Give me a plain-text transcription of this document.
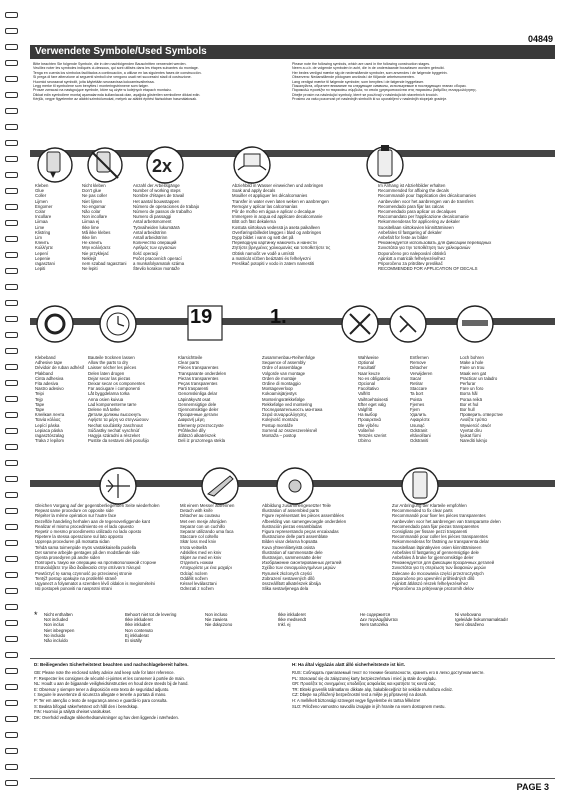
04849
Verwendete Symbole/Used Symbols

Bitte beachten Sie folgende Symbole, die in den nachfolgenden Bauschritten verwendet werden.

Veuillez noter les symboles indiqués ci-dessous, qui sont utilisés dans les étapes suivantes du montage.

Tenga en cuenta los símbolos facilitados a continuación, a utilizar en las siguientes fases de construcción.

Si prega di fare attenzione ai seguenti simboli che vengono usati nei successivi stadi di costruzione.

Huomioi seuraavat symbolit, joita käytetään seuraavissa kokoamisvaiheissa.

Legg merke til symbolene som benyttes i monteringstrinnene som følger.

Prosze zwracać na następujące symbole, które są użyte w kolejnych etapach montażu.

Dikkat edin symbollere montaj aşamalarında kullanılacak olan, aşağıda gösterilen sembollere dikkat edin.

Kérjük, vegye figyelembe az alábbi szimbólumokat, melyek az alábbi építési fázisokban használatosak.

Please note the following symbols, which are used in the following construction stages.

Neem a.u.b. de volgende symbolen in acht, die in de onderstaande bouwfasen worden gebruikt.

Her bedes venligst mærke sig de nedenstående symboler, som anvendes i de følgende byggetrin.

Observera: Nedanstående piktogram används i de följande arbetsmomenten.

Lang venligst mærke til følgende symboler, som benyttes i de følgende byggefaser.

Пожалуйста, обратите внимание на следующие символы, используемые в последующих этапах сборки.

Παρακαλώ προσέξτε τα παρακάτω σύμβολα, τα οποία χρησιμοποιούνται στις παρακάτω βαθμίδες συναρμολόγησης.

Dbejte prosím na následující symboly, které se používají v následujících stavebních krocích.

Prosimo za vašo pozornost pri naslednjih simbolih ki so uporabljeni v naslednjih stopnjah gradnje.

2x
Kleben
Glue
Coller
Lijmen
Engomer
Colar
Incollare
Liimaa
Lime
Klistring
Lim
Клеить
Κολλήστε
Lepení
Lepenie
ragasztani
Lepiti
Nicht kleben
Don't glue
Ne pas coller
Niet lijmen
No engomar
Não colar
Non incollare
Liimaa ej
Ikke lime
Må ikke klebes
Ikke lim
Не клеить
Μην κολλήσετε
Nie przyklejać
Neklejit
nem szabad ragasztani
Ne lepiti
Anzahl der Arbeitsgänge
Number of working steps
Nombre d'étapes de travail
Het aantal bouwstappen
Número de operaciones de trabajo
Número de passos de trabalho
Numero di passaggi
Antal arbetsmoment
Työvaiheiden lukumäärä
Antal arbeidstrinn
Antall arbeidstrinn
Количество операций
Αριθμός των εργασιών
Ilość operacji
Počet pracovních operací
a munkafolyamatok száma
Število korakov montaže
Abziehbild in Wasser einweichen und anbringen
Soak and apply decals
Mouiller et appliquer les décalcomanies
Transfer in water even laten weken en aanbrengen
Remojar y aplicar las calcomanías
Pôr de molho em água e aplicar o decalque
Immergere in acqua ed applicare decalcomanie
Blöt och fäst dekalerna
Kostuta siirtokuva vedessä ja aseta paikalleen
Overføringsbilledet lægges i blød og anbringes
Dypp bildet i vann og sett det på
Переводную картинку намочить и нанести
Ζητήστε βρεγμένες χαλκομανίες και τοποθετήστε τις
Obtisk namočit ve vodě a umístit
a matricát vízben beáztatni és felhelyezni
Preslikač potopiti v vodo in zatem namestiti
Im Anhang ist Abziehbilder erhalten
Recommended for affixing the decals
Recommandé pour l'application des décalcomanies
Aanbevolen voor het aanbrengen van de transfers
Recomendado para fijar las calcas
Recomendado para aplicar os decalques
Raccomandato per l'applicazione decalcomanie
Rekommenderas för applicering av dekaler
Suositellaan siirtokuvien kiinnittämiseen
Anbefales til fastgøring af dekaler
Anbefalt for feste av bilder
Рекомендуется использовать для фиксации переводных
Συνιστάται για την τοποθέτηση των χαλκομανιών
Doporučeno pro nalepování obtisků
Ajánlott a matricák felhelyezéséhez
Priporočeno za pritrditev preslikač
RECOMMENDED FOR APPLICATION OF DECALS
19	1.
Klebeband
Adhesive tape
Dévidoir de ruban adhésif
Plakband
Cinta adhesiva
Fita adesiva
Nastro adesivo
Teipi
Tejp
Tape
Tape
Клейкая лента
Ταινία κόλλας
Lepící páska
Lepiaca páska
ragasztószalag
Traka z lepilom
Bauteile trocknen lassen
Allow the parts to dry
Laisser sécher les pièces
Delen laten drogen
Dejar secar las piezas
Deixar secar os componentes
Far asciugare i componenti
Låt byggdelarna torka
Anna osien kuivua
Lad komponenterne tørre
Delene må tørke
Детали должны высохнуть
Αφήστε τα μέρη να στεγνώσουν
Nechat součástky zaschnout
Súčiastky nechať vyschnúť
Hagyja száradni a részeket
Pustite da sestavni deli posušijo
Klarsichtteile
Clear parts
Pièces transparentes
Transparante onderdelen
Piezas transparentes
Peças transparentes
Parti trasparenti
Genomskinliga delar
Läpinäkyvät osat
Gennemsigtige dele
Gjennomsiktige deler
Прозрачные детали
Διαφανή μέρη
Elementy przezroczyste
Průhledné díly
átlátszó alkatrészek
Deli iz prozornega stekla
Zusammenbau-Reihenfolge
Sequence of assembly
Ordre of assemblage
Volgorde van montage
Orden de montaje
Ordine di montaggio
Montageverloop
Kokoamisjärjestys
Monteringsrækkefølge
Rekkefølge ved montering
Последовательность монтажа
Σειρά συναρμολόγησης
Kolejność montażu
Postup montáže
Sorrend az összeszerelésnél
Montaža – postop
Wahlweise
Optional
Facultatif
Naar keuze
No es obligatorio
Opcional
Facoltativo
Valfritt
Vaihtoehtoisesti
Efter eget valg
Valgfritt
На выбор
Προαιρετικά
Dle výběru
Voliteľné
Tetszés szerint
Izbirno
Entfernen
Remove
Détacher
Verwijderen
Sacar
Retirar
Staccare
Ta bort
Poista
Fjernes
Fjern
Удалить
Αφαιρέστε
Usunąć
Odstranit
eltávolítani
Odstraniti
Loch bohren
Make a hole
Faire un trou
Maak een gat
Practicar un taladro
Perfurar
Fare un foro
Borra hål
Poraa reikä
Bor et hul
Bor hull
Проверить отверстие
Ανοίξτε τρύπα
Wywiercić otwór
Vyvrtat díru
lyukat fúrni
Narediti luknjo
Gleichen Vorgang auf der gegenüberliegenden Seite wiederholen
Repeat same procedure on opposite side
Répéter la même opération sur l'autre face
Dezelfde handeling herhalen aan de tegenoverliggende kant
Realizar el mismo procedimiento en el lado opuesto
Repetir o mesmo procedimento utilizado no lado oposto
Ripetere la stessa operazione sul lato opposto
Upprepa proceduren på motsatta sidan
Tehdä sama toimenpide myös vastakkaisella puolella
Det samme arbejde gentages på den modstående side
Gjenta prosedyren på andre siden
Повторить такую же операцию на противоположной стороне
Επαναλάβετε την ίδια διαδικασία στην απέναντι πλευρά
Powtórzyć tę samą czynność po przeciwnej stronie
Tentýž postup opakujte na protilehlé straně
Ugyanezt a folyamatot a szemben lévő oldalon is megismételni
Isti postopek ponoviti na nasprotni strani
Mit einem Messer abtrennen
Detach with knife
Détacher au couteau
Met een mesje afsnijden
Separar con un cuchillo
Separar utilizando uma faca
Staccare col coltello
Skär loss med kniv
Irrota veitsellä
Adskilles med en kniv
Skjær av med en kniv
Отделить ножом
Αποχωρίστε με ένα μαχαίρι
Odciąć nożem
Oddělit nožem
Késsel leválasztani
Odrezati z nožem
Abbildung zusammengesetzter Teile
Illustration of assembled parts
Figure représentant les pièces assemblées
Afbeelding van samengevoegde onderdelen
Ilustración piezas ensambladas
Figura representando peças encaixadas
Illustrazione delle parti assemblate
Bilden visar delarna hopsatta
Kuva yhteenliitetyistä osista
Illustration af sammensatte dele
Illustrasjon, sammensatte deler
Изображение смонтированных деталей
Σχέδιο των συναρμολογημένων μερών
Rysunek złożonych części
Zobrazení sestavených dílů
összeállított alkatrészek ábrája
Slika sestavljenega dela
Zur Anbringung der Klarteile empfohlen
Recommended to fix clear parts
Recommandé pour fixer les pièces transparentes
Aanbevolen voor het aanbrengen van transparante delen
Recomendado para fijar piezas transparentes
Consigliato per fissare pezzi trasparenti
Recommandé pour coller les pièces transparentes
Rekommenderas för fästning av transparenta delar
Suositellaan läpinäkyvien osien kiinnittämiseen
Anbefales til fastgøring af gennemsigtige dele
Anbefales å bruke for gjennomsiktige deler
Рекомендуется для фиксации прозрачных деталей
Συνιστάται για τη στερέωση των διαφανών μερών
Zalecane do mocowania części przezroczystych
Doporučeno pro upevnění průhledných dílů
Ajánlott átlátszó részek felhelyezéséhez
Priporočeno za pritrjevanje prozornih delov
* Nicht enthalten
Not included
Non inclus
Niet inbegrepen
No incluido
Não incluído
Behoort niet tot de levering
Ikke inkluderet
Ikke inkludert
Non contenuto
Ej inkluderat
Ei sisälly
Non incluso
Nie zawiera
Nie dołączono
Ikke inkluderet
Ikke medsendt
Inkl. ej
Не содержится
Δεν περιλαμβάνεται
Nem tartozéka
Ni vsebovano
Igeleiáde bokunmamaktadır
Není obsaženo
D: Beiliegenden Sicherheitstext beachten und nachschlagebereit halten.	H: Ha által vigyázás alatt álló sicherheitstexte ist kirt.
GB: Please note the enclosed safety advice and keep safe for later reference.
F: Respecter les consignes de sécurité ci-jointes et les conserver à portée de main.
NL: Houdt u aan de bijgaande veiligheidsinstructies en houd deze steeds bij de hand.
E: Observar y siempre tener a disposición este texto de seguridad adjunto.
I: Seguire le avvertenze di sicurezza allegate e tenerle a portata di mano.
P: Ter em atenção o texto de segurança anexo e guardá-lo para consulta.
S: Beakta bifogad säkerhetstext och håll den i beredskap.
FIN: Huomioi ja säilytä oheiset varoitukset.
DK: Overhold vedlagte sikkerhedsanvisninger og hav dem liggende i nærheden.
RUS: Соблюдать прилагаемый текст по технике безопасности, хранить его в легко доступном месте.
PL: Stosować się do załączonej karty bezpieczeństwa i mieć ją stale do wglądu.
GR: Προσέξτε τις συνημμένες υποδείξεις ασφαλείας και κρατήστε τις κοντά σας.
TR: Ekteki güvenlik talimatlarını dikkate alıp, bakabileceğiniz bir sekilde muhafaza ediniz.
CZ: Dbejte na přiložený bezpečnostní text a mějte jej připravený na dosah.
H: A mellékelt biztonsági szöveget vegye figyelembe és tartsa félkézre!
SLO: Priloženo varnostno navodilo izvajajte in jih hranite na vsem dostopnem mestu.
PAGE 3
